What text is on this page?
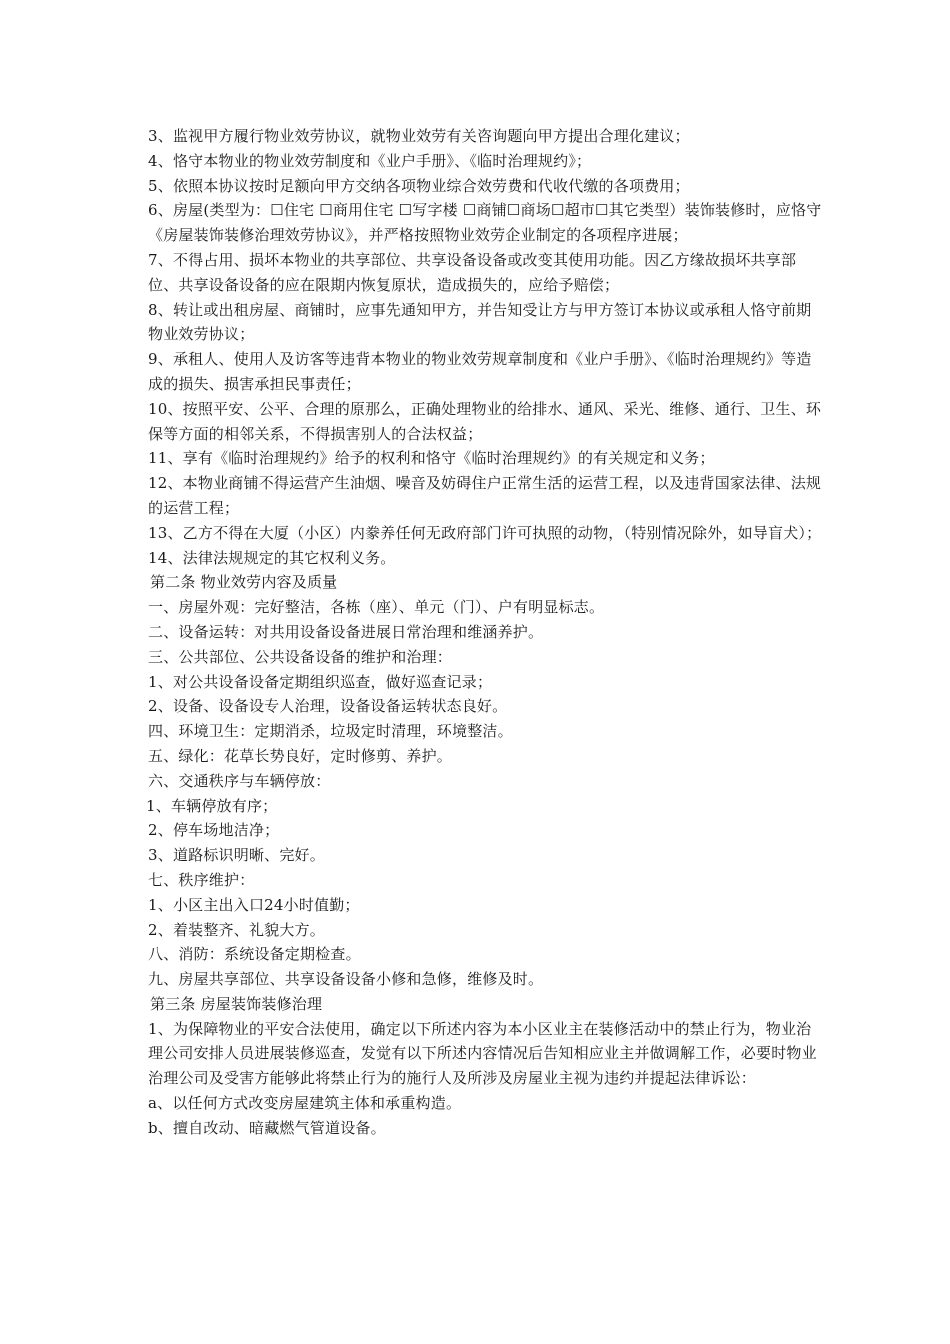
3、监视甲方履行物业效劳协议，就物业效劳有关咨询题向甲方提出合理化建议；

4、恪守本物业的物业效劳制度和《业户手册》、《临时治理规约》；

5、依照本协议按时足额向甲方交纳各项物业综合效劳费和代收代缴的各项费用；

6、房屋(类型为：☐住宅 ☐商用住宅 ☐写字楼 ☐商铺☐商场☐超市☐其它类型）装饰装修时，应恪守《房屋装饰装修治理效劳协议》，并严格按照物业效劳企业制定的各项程序进展；

7、不得占用、损坏本物业的共享部位、共享设备设备或改变其使用功能。因乙方缘故损坏共享部位、共享设备设备的应在限期内恢复原状，造成损失的，应给予赔偿；

8、转让或出租房屋、商铺时，应事先通知甲方，并告知受让方与甲方签订本协议或承租人恪守前期物业效劳协议；

9、承租人、使用人及访客等违背本物业的物业效劳规章制度和《业户手册》、《临时治理规约》等造成的损失、损害承担民事责任；

10、按照平安、公平、合理的原那么，正确处理物业的给排水、通风、采光、维修、通行、卫生、环保等方面的相邻关系，不得损害别人的合法权益；

11、享有《临时治理规约》给予的权利和恪守《临时治理规约》的有关规定和义务；

12、本物业商铺不得运营产生油烟、噪音及妨碍住户正常生活的运营工程，以及违背国家法律、法规的运营工程；

13、乙方不得在大厦（小区）内豢养任何无政府部门许可执照的动物，（特别情况除外，如导盲犬）；

14、法律法规规定的其它权利义务。

第二条 物业效劳内容及质量

一、房屋外观：完好整洁，各栋（座）、单元（门）、户有明显标志。

二、设备运转：对共用设备设备进展日常治理和维涵养护。

三、公共部位、公共设备设备的维护和治理：

1、对公共设备设备定期组织巡查，做好巡查记录；

2、设备、设备设专人治理，设备设备运转状态良好。

四、环境卫生：定期消杀，垃圾定时清理，环境整洁。

五、绿化：花草长势良好，定时修剪、养护。

六、交通秩序与车辆停放：

1、车辆停放有序；

2、停车场地洁净；

3、道路标识明晰、完好。

七、秩序维护：

1、小区主出入口24小时值勤；

2、着装整齐、礼貌大方。

八、消防：系统设备定期检查。

九、房屋共享部位、共享设备设备小修和急修，维修及时。

第三条 房屋装饰装修治理

1、为保障物业的平安合法使用，确定以下所述内容为本小区业主在装修活动中的禁止行为，物业治理公司安排人员进展装修巡查，发觉有以下所述内容情况后告知相应业主并做调解工作，必要时物业治理公司及受害方能够此将禁止行为的施行人及所涉及房屋业主视为违约并提起法律诉讼：

a、以任何方式改变房屋建筑主体和承重构造。

b、擅自改动、暗藏燃气管道设备。
